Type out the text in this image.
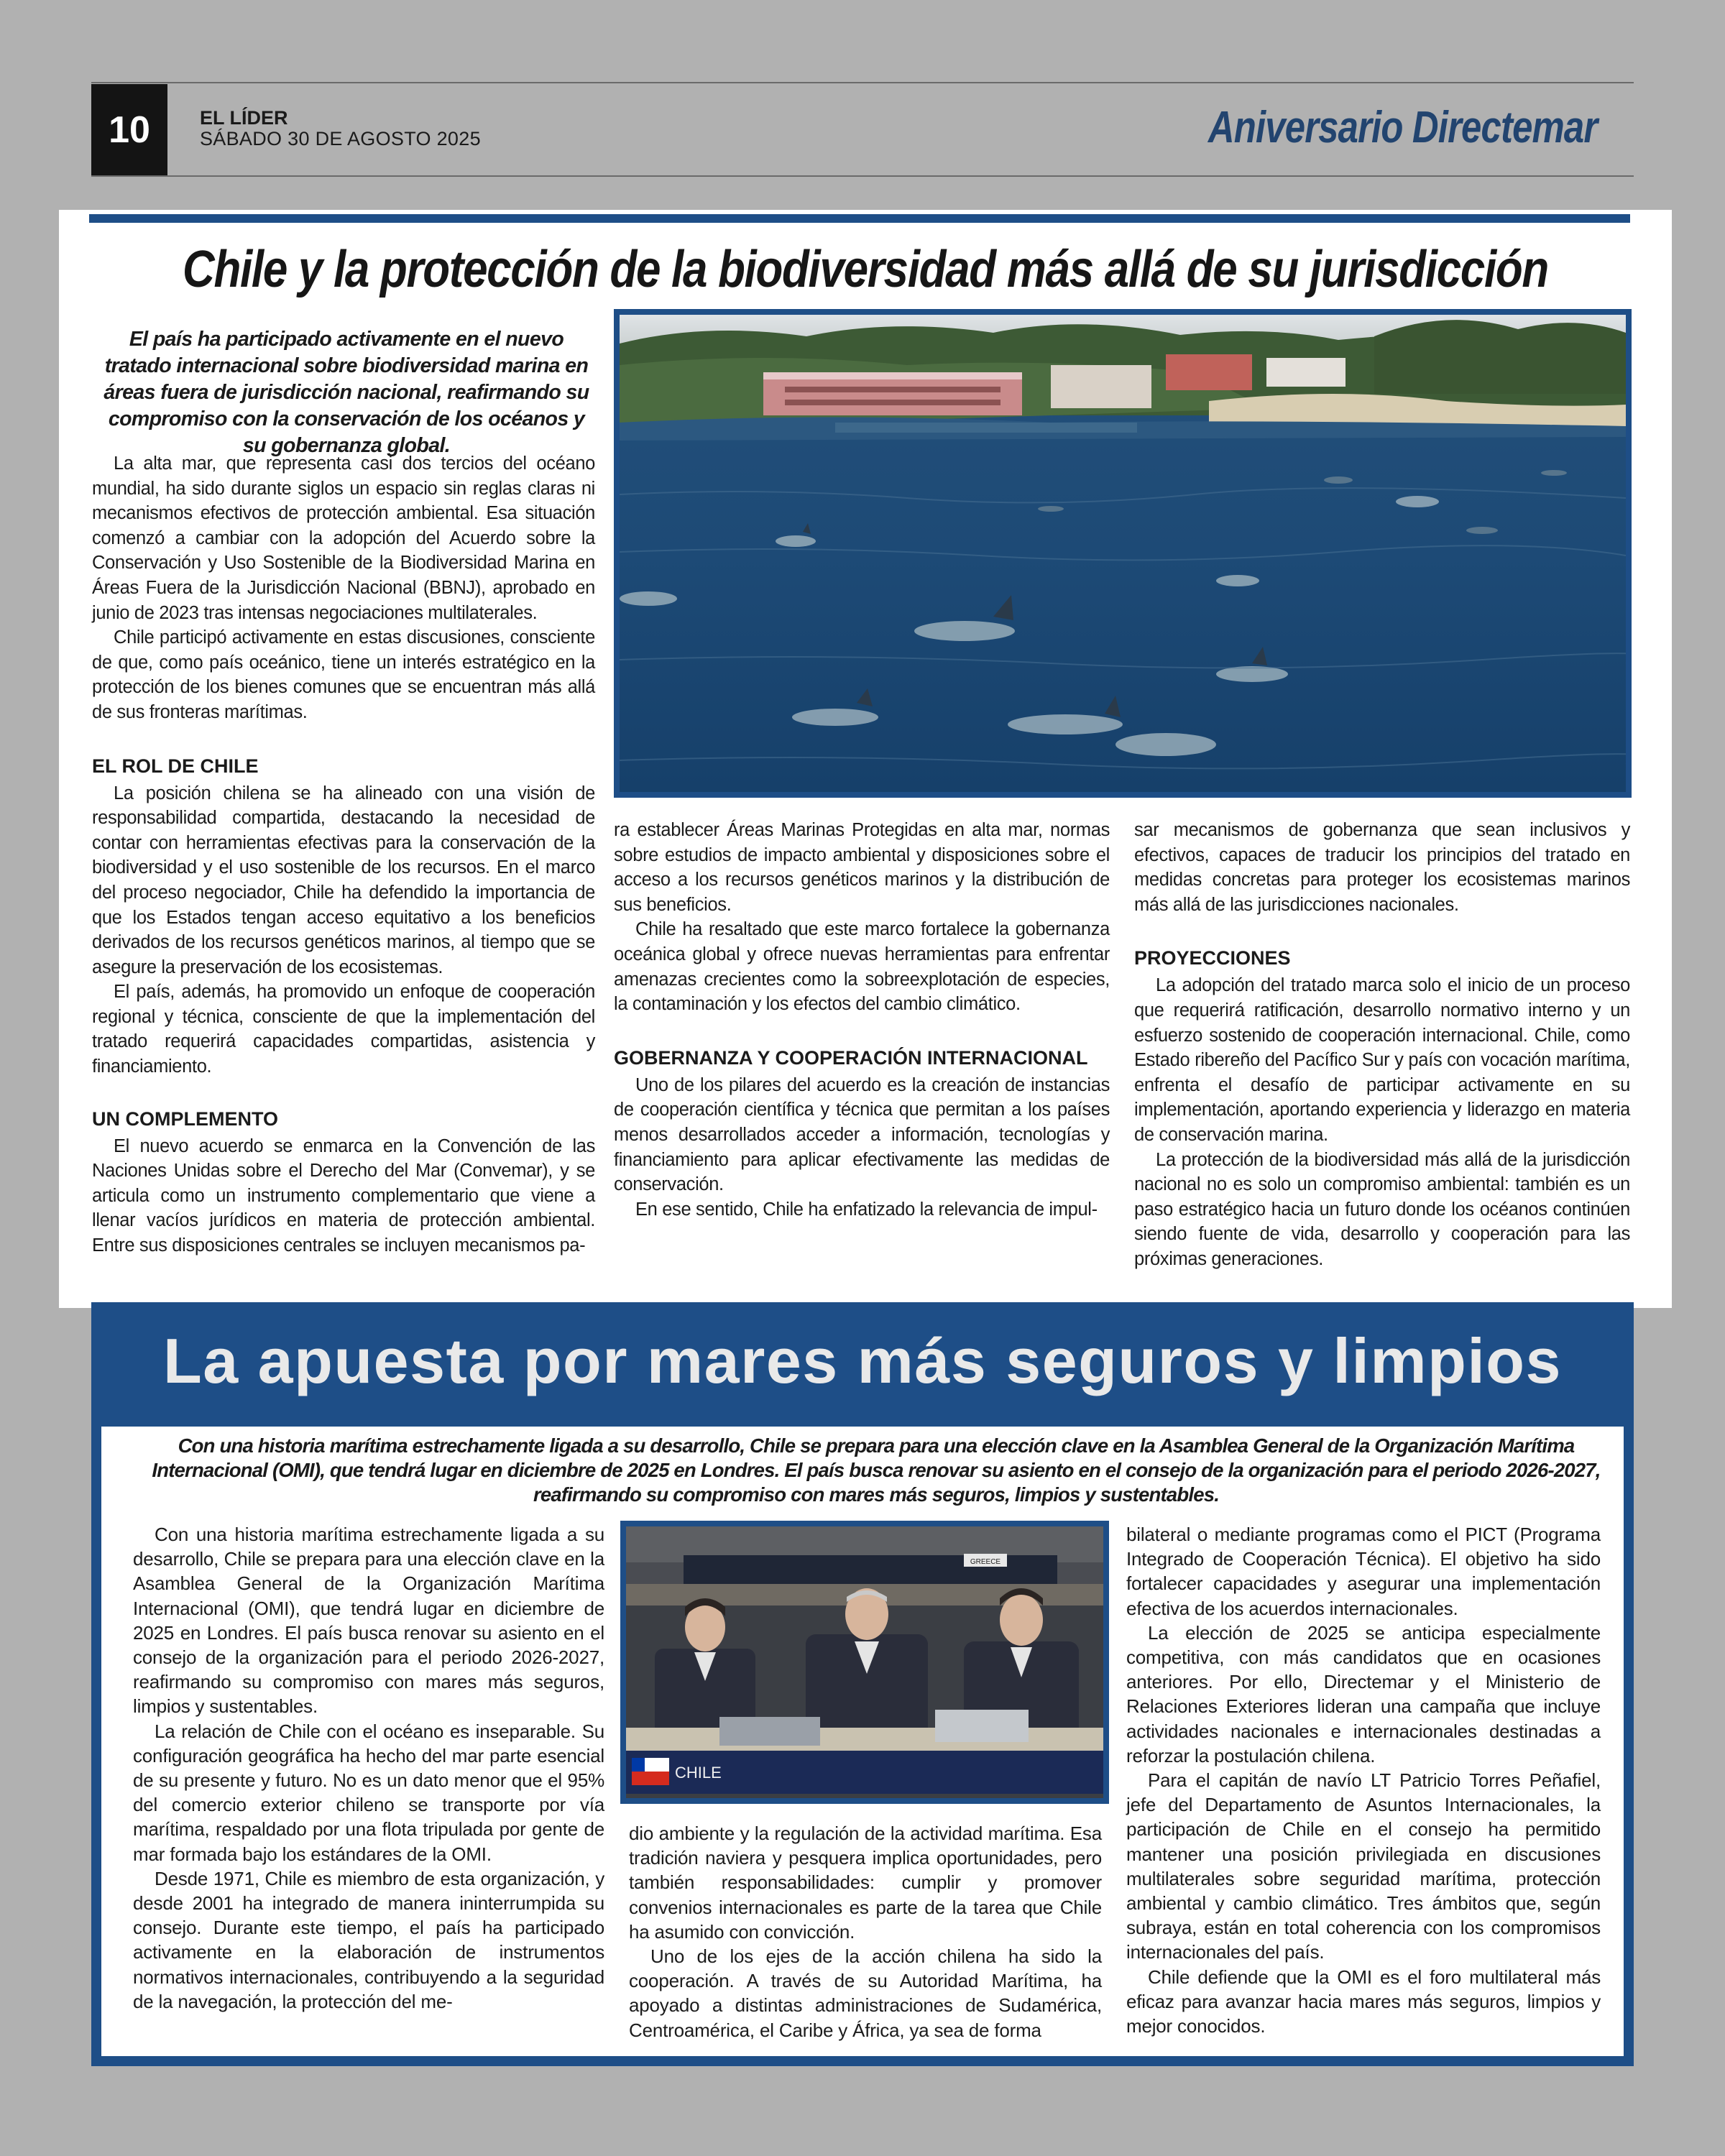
10	EL LÍDER
SÁBADO 30 DE AGOSTO 2025	Aniversario Directemar
Chile y la protección de la biodiversidad más allá de su jurisdicción
El país ha participado activamente en el nuevo tratado internacional sobre biodiversidad marina en áreas fuera de jurisdicción nacional, reafirmando su compromiso con la conservación de los océanos y su gobernanza global.

La alta mar, que representa casi dos tercios del océano mundial, ha sido durante siglos un espacio sin reglas claras ni mecanismos efectivos de protección ambiental. Esa situación comenzó a cambiar con la adopción del Acuerdo sobre la Conservación y Uso Sostenible de la Biodiversidad Marina en Áreas Fuera de la Jurisdicción Nacional (BBNJ), aprobado en junio de 2023 tras intensas negociaciones multilaterales.

Chile participó activamente en estas discusiones, consciente de que, como país oceánico, tiene un interés estratégico en la protección de los bienes comunes que se encuentran más allá de sus fronteras marítimas.

EL ROL DE CHILE

La posición chilena se ha alineado con una visión de responsabilidad compartida, destacando la necesidad de contar con herramientas efectivas para la conservación de la biodiversidad y el uso sostenible de los recursos. En el marco del proceso negociador, Chile ha defendido la importancia de que los Estados tengan acceso equitativo a los beneficios derivados de los recursos genéticos marinos, al tiempo que se asegure la preservación de los ecosistemas.

El país, además, ha promovido un enfoque de cooperación regional y técnica, consciente de que la implementación del tratado requerirá capacidades compartidas, asistencia y financiamiento.

UN COMPLEMENTO

El nuevo acuerdo se enmarca en la Convención de las Naciones Unidas sobre el Derecho del Mar (Convemar), y se articula como un instrumento complementario que viene a llenar vacíos jurídicos en materia de protección ambiental. Entre sus disposiciones centrales se incluyen mecanismos pa-

ra establecer Áreas Marinas Protegidas en alta mar, normas sobre estudios de impacto ambiental y disposiciones sobre el acceso a los recursos genéticos marinos y la distribución de sus beneficios.

Chile ha resaltado que este marco fortalece la gobernanza oceánica global y ofrece nuevas herramientas para enfrentar amenazas crecientes como la sobreexplotación de especies, la contaminación y los efectos del cambio climático.

GOBERNANZA Y COOPERACIÓN INTERNACIONAL

Uno de los pilares del acuerdo es la creación de instancias de cooperación científica y técnica que permitan a los países menos desarrollados acceder a información, tecnologías y financiamiento para aplicar efectivamente las medidas de conservación.

En ese sentido, Chile ha enfatizado la relevancia de impul-

sar mecanismos de gobernanza que sean inclusivos y efectivos, capaces de traducir los principios del tratado en medidas concretas para proteger los ecosistemas marinos más allá de las jurisdicciones nacionales.

PROYECCIONES

La adopción del tratado marca solo el inicio de un proceso que requerirá ratificación, desarrollo normativo interno y un esfuerzo sostenido de cooperación internacional. Chile, como Estado ribereño del Pacífico Sur y país con vocación marítima, enfrenta el desafío de participar activamente en su implementación, aportando experiencia y liderazgo en materia de conservación marina.

La protección de la biodiversidad más allá de la jurisdicción nacional no es solo un compromiso ambiental: también es un paso estratégico hacia un futuro donde los océanos continúen siendo fuente de vida, desarrollo y cooperación para las próximas generaciones.

La apuesta por mares más seguros y limpios
Con una historia marítima estrechamente ligada a su desarrollo, Chile se prepara para una elección clave en la Asamblea General de la Organización Marítima Internacional (OMI), que tendrá lugar en diciembre de 2025 en Londres. El país busca renovar su asiento en el consejo de la organización para el periodo 2026-2027, reafirmando su compromiso con mares más seguros, limpios y sustentables.
GREECE
CHILE

Con una historia marítima estrechamente ligada a su desarrollo, Chile se prepara para una elección clave en la Asamblea General de la Organización Marítima Internacional (OMI), que tendrá lugar en diciembre de 2025 en Londres. El país busca renovar su asiento en el consejo de la organización para el periodo 2026-2027, reafirmando su compromiso con mares más seguros, limpios y sustentables.

La relación de Chile con el océano es inseparable. Su configuración geográfica ha hecho del mar parte esencial de su presente y futuro. No es un dato menor que el 95% del comercio exterior chileno se transporte por vía marítima, respaldado por una flota tripulada por gente de mar formada bajo los estándares de la OMI.

Desde 1971, Chile es miembro de esta organización, y desde 2001 ha integrado de manera ininterrumpida su consejo. Durante este tiempo, el país ha participado activamente en la elaboración de instrumentos normativos internacionales, contribuyendo a la seguridad de la navegación, la protección del me-

dio ambiente y la regulación de la actividad marítima. Esa tradición naviera y pesquera implica oportunidades, pero también responsabilidades: cumplir y promover convenios internacionales es parte de la tarea que Chile ha asumido con convicción.

Uno de los ejes de la acción chilena ha sido la cooperación. A través de su Autoridad Marítima, ha apoyado a distintas administraciones de Sudamérica, Centroamérica, el Caribe y África, ya sea de forma

bilateral o mediante programas como el PICT (Programa Integrado de Cooperación Técnica). El objetivo ha sido fortalecer capacidades y asegurar una implementación efectiva de los acuerdos internacionales.

La elección de 2025 se anticipa especialmente competitiva, con más candidatos que en ocasiones anteriores. Por ello, Directemar y el Ministerio de Relaciones Exteriores lideran una campaña que incluye actividades nacionales e internacionales destinadas a reforzar la postulación chilena.

Para el capitán de navío LT Patricio Torres Peñafiel, jefe del Departamento de Asuntos Internacionales, la participación de Chile en el consejo ha permitido mantener una posición privilegiada en discusiones multilaterales sobre seguridad marítima, protección ambiental y cambio climático. Tres ámbitos que, según subraya, están en total coherencia con los compromisos internacionales del país.

Chile defiende que la OMI es el foro multilateral más eficaz para avanzar hacia mares más seguros, limpios y mejor conocidos.
